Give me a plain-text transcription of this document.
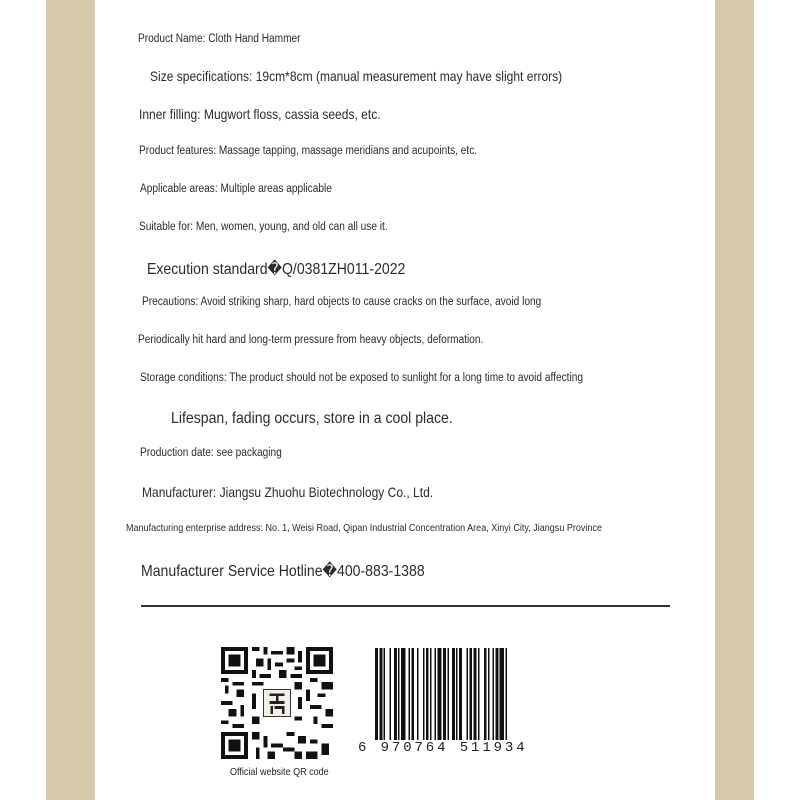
Product Name: Cloth Hand Hammer
Size specifications: 19cm*8cm (manual measurement may have slight errors)
Inner filling: Mugwort floss, cassia seeds, etc.
Product features: Massage tapping, massage meridians and acupoints, etc.
Applicable areas: Multiple areas applicable
Suitable for: Men, women, young, and old can all use it.
Execution standard�Q/0381ZH011-2022
Precautions: Avoid striking sharp, hard objects to cause cracks on the surface, avoid long
Periodically hit hard and long-term pressure from heavy objects, deformation.
Storage conditions: The product should not be exposed to sunlight for a long time to avoid affecting
Lifespan, fading occurs, store in a cool place.
Production date: see packaging
Manufacturer: Jiangsu Zhuohu Biotechnology Co., Ltd.
Manufacturing enterprise address: No. 1, Weisi Road, Qipan Industrial Concentration Area, Xinyi City, Jiangsu Province
Manufacturer Service Hotline�400-883-1388
Official website QR code
6 970764 511934
